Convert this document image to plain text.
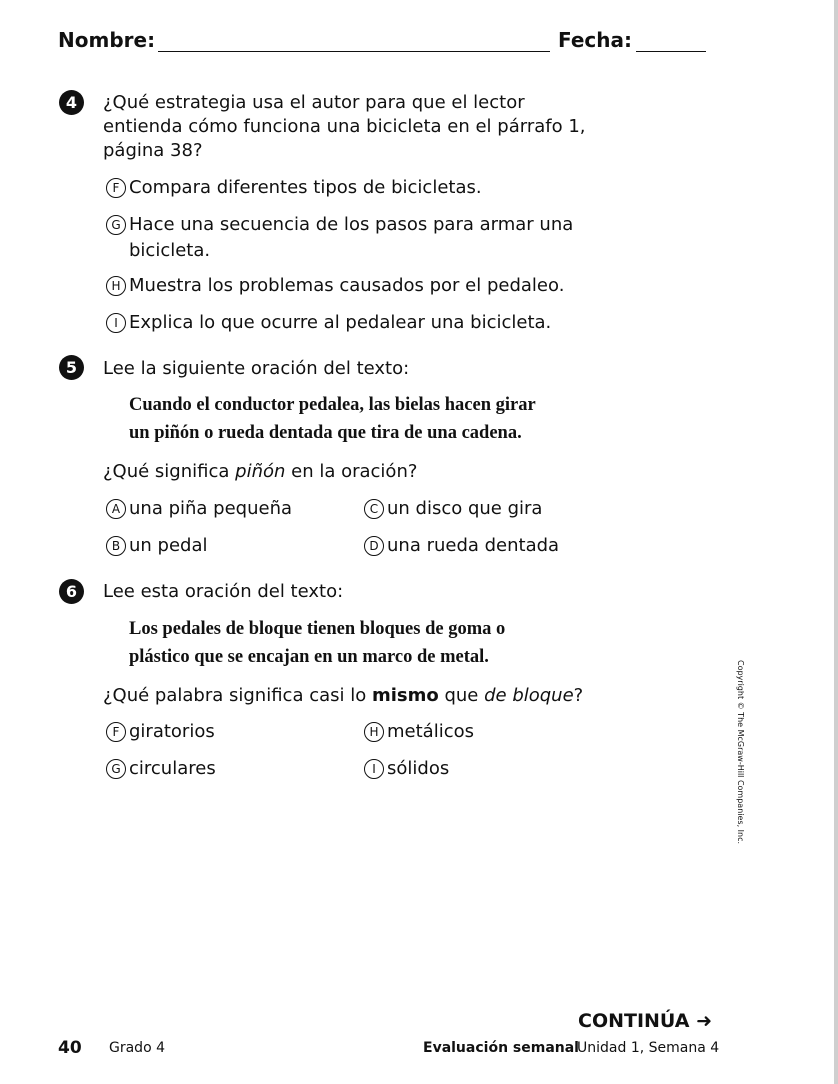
Nombre:	Fecha:
4	¿Qué estrategia usa el autor para que el lector
entienda cómo funciona una bicicleta en el párrafo 1,
página 38?
F Compara diferentes tipos de bicicletas.
G Hace una secuencia de los pasos para armar una bicicleta.
H Muestra los problemas causados por el pedaleo.
I Explica lo que ocurre al pedalear una bicicleta.
5	Lee la siguiente oración del texto:
Cuando el conductor pedalea, las bielas hacen girar
un piñón o rueda dentada que tira de una cadena.
¿Qué significa piñón en la oración?
A una piña pequeña	C un disco que gira
B un pedal	D una rueda dentada
6	Lee esta oración del texto:
Los pedales de bloque tienen bloques de goma o
plástico que se encajan en un marco de metal.
¿Qué palabra significa casi lo mismo que de bloque?
F giratorios	H metálicos
G circulares	I sólidos	Copyright © The McGraw-Hill Companies, Inc.
CONTINÚA ➜
40 Grado 4	Evaluación semanal
Unidad 1, Semana 4
